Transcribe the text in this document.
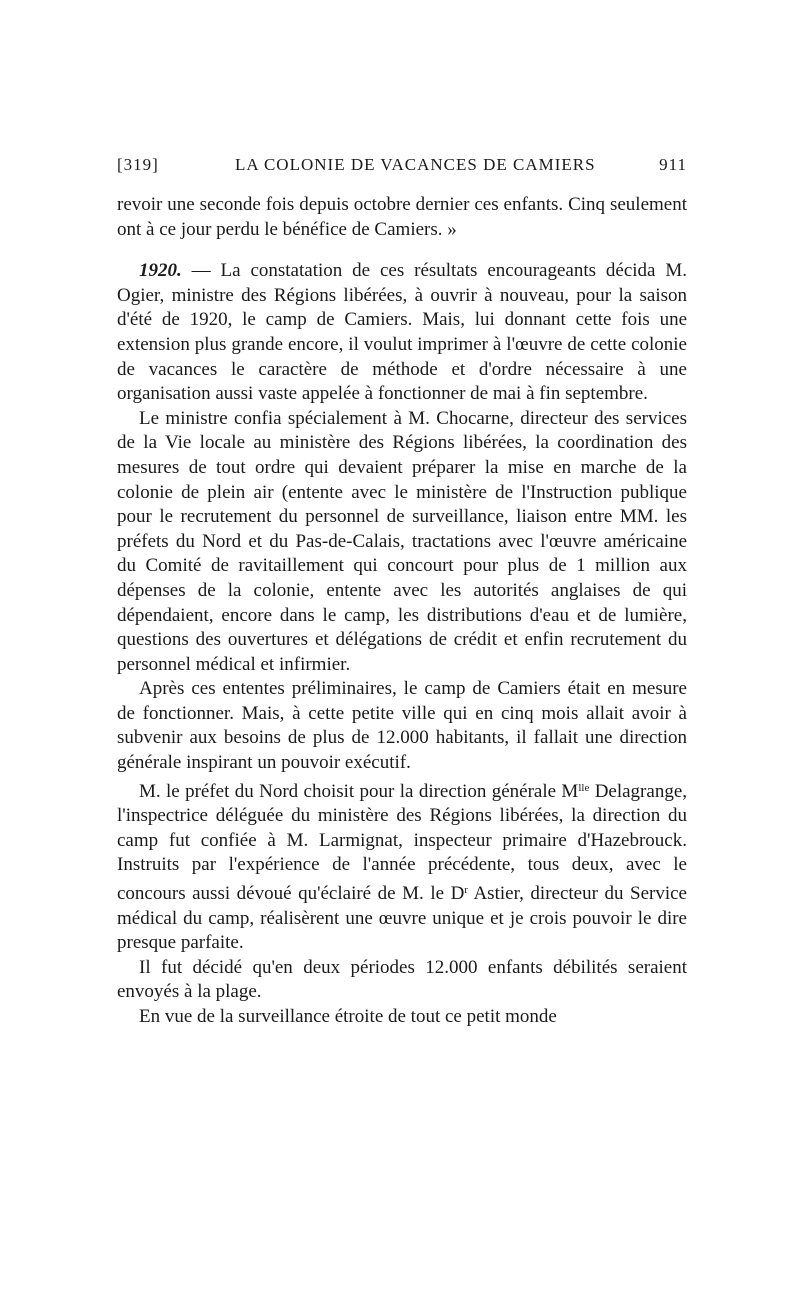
[319]	LA COLONIE DE VACANCES DE CAMIERS	911

revoir une seconde fois depuis octobre dernier ces enfants. Cinq seulement ont à ce jour perdu le bénéfice de Camiers. »

1920. — La constatation de ces résultats encourageants décida M. Ogier, ministre des Régions libérées, à ouvrir à nouveau, pour la saison d'été de 1920, le camp de Camiers. Mais, lui donnant cette fois une extension plus grande encore, il voulut imprimer à l'œuvre de cette colonie de vacances le caractère de méthode et d'ordre nécessaire à une organisation aussi vaste appelée à fonctionner de mai à fin septembre.

Le ministre confia spécialement à M. Chocarne, directeur des services de la Vie locale au ministère des Régions libérées, la coordination des mesures de tout ordre qui devaient préparer la mise en marche de la colonie de plein air (entente avec le ministère de l'Instruction publique pour le recrutement du personnel de surveillance, liaison entre MM. les préfets du Nord et du Pas-de-Calais, tractations avec l'œuvre américaine du Comité de ravitaillement qui concourt pour plus de 1 million aux dépenses de la colonie, entente avec les autorités anglaises de qui dépendaient, encore dans le camp, les distributions d'eau et de lumière, questions des ouvertures et délégations de crédit et enfin recrutement du personnel médical et infirmier.

Après ces ententes préliminaires, le camp de Camiers était en mesure de fonctionner. Mais, à cette petite ville qui en cinq mois allait avoir à subvenir aux besoins de plus de 12.000 habitants, il fallait une direction générale inspirant un pouvoir exécutif.

M. le préfet du Nord choisit pour la direction générale $M^{lle}$ Delagrange, l'inspectrice déléguée du ministère des Régions libérées, la direction du camp fut confiée à M. Larmignat, inspecteur primaire d'Hazebrouck. Instruits par l'expérience de l'année précédente, tous deux, avec le concours aussi dévoué qu'éclairé de M. le $D^r$ Astier, directeur du Service médical du camp, réalisèrent une œuvre unique et je crois pouvoir le dire presque parfaite.

Il fut décidé qu'en deux périodes 12.000 enfants débilités seraient envoyés à la plage.

En vue de la surveillance étroite de tout ce petit monde
